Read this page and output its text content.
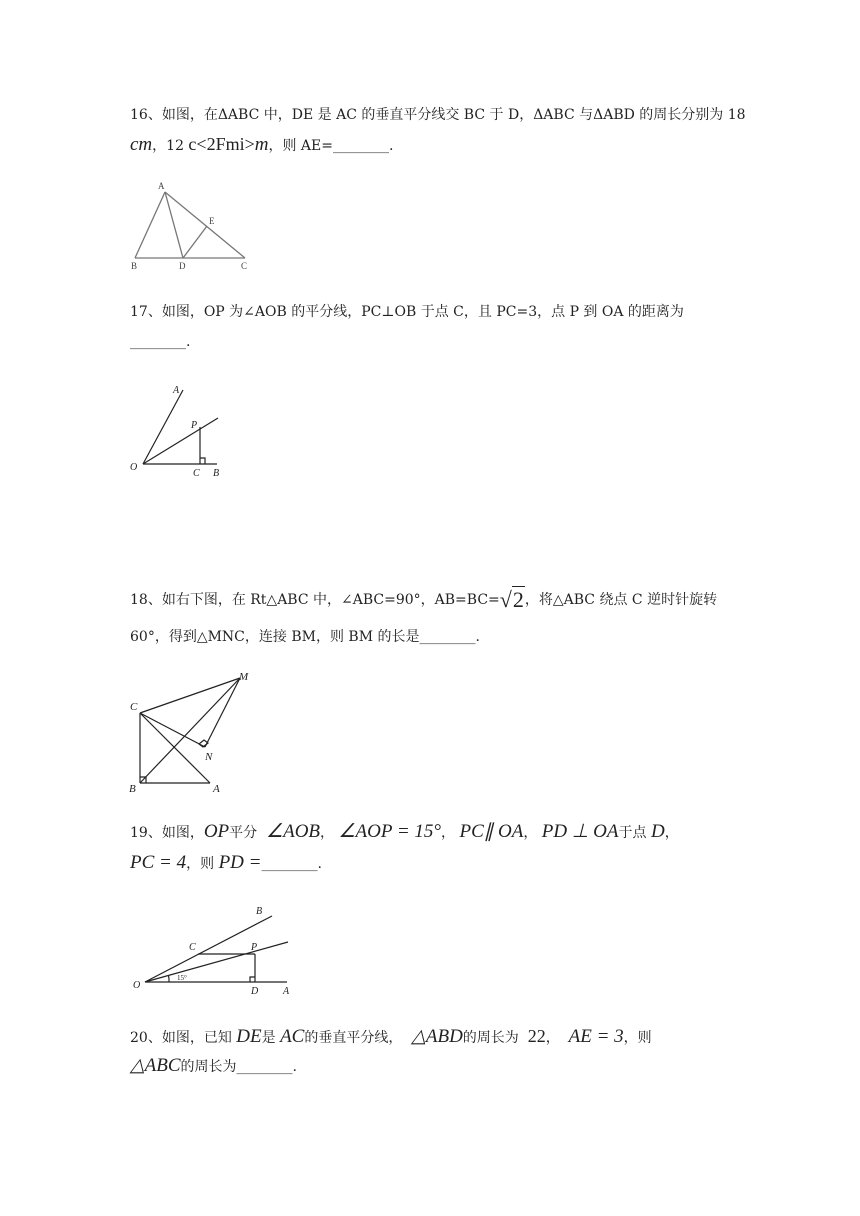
16、如图，在ΔABC 中，DE 是 AC 的垂直平分线交 BC 于 D，ΔABC 与ΔABD 的周长分别为 18
cm，12 c<2Fmi>m，则 AE=________.
A
B	D	C
E
17、如图，OP 为∠AOB 的平分线，PC⊥OB 于点 C，且 PC=3，点 P 到 OA 的距离为
________.
A
P
O
C B
18、如右下图，在 Rt△ABC 中，∠ABC=90°，AB=BC=√2，将△ABC 绕点 C 逆时针旋转
60°，得到△MNC，连接 BM，则 BM 的长是________.
C
M
N
B	A
19、如图，OP平分 ∠AOB， ∠AOP = 15°， PC∥ OA， PD ⊥ OA于点 D，
PC = 4，则 PD =________.
B
C	P
O
D A
15°
20、如图，已知 DE是 AC的垂直平分线， △ABD的周长为 22， AE = 3，则
△ABC的周长为________.
